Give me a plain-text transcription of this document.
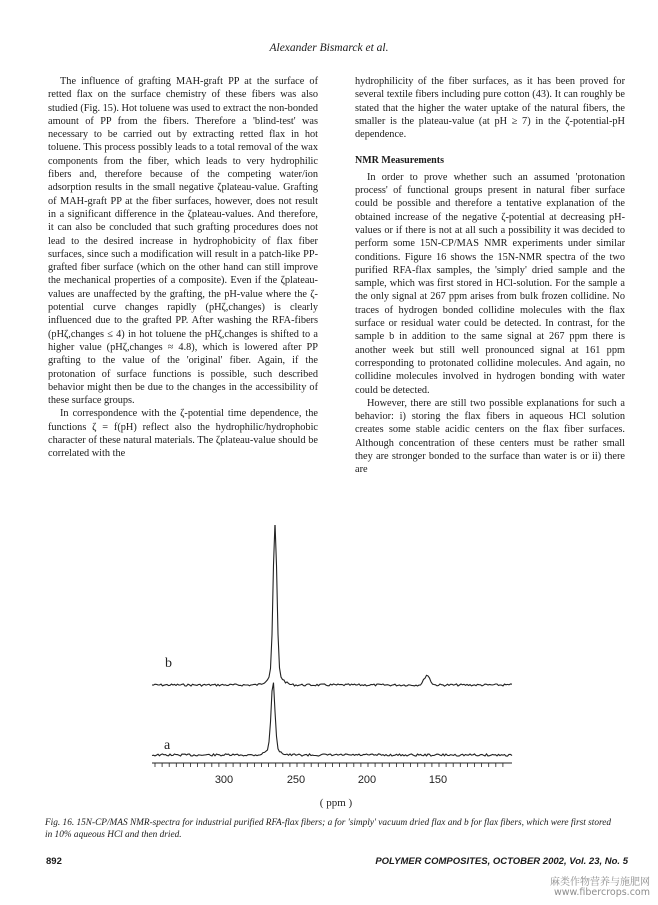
Alexander Bismarck et al.

The influence of grafting MAH-graft PP at the surface of retted flax on the surface chemistry of these fibers was also studied (Fig. 15). Hot toluene was used to extract the non-bonded amount of PP from the fibers. Therefore a 'blind-test' was necessary to be carried out by extracting retted flax in hot toluene. This process possibly leads to a total removal of the wax components from the fiber, which leads to very hydrophilic fibers and, therefore because of the competing water/ion adsorption results in the small negative ζplateau-value. Grafting of MAH-graft PP at the fiber surfaces, however, does not result in a significant difference in the ζplateau-values. And therefore, it can also be concluded that such grafting procedures does not lead to the desired increase in hydrophobicity of flax fiber surfaces, since such a modification will result in a patch-like PP-grafted fiber surface (which on the other hand can still improve the mechanical properties of a composite). Even if the ζplateau-values are unaffected by the grafting, the pH-value where the ζ-potential curve changes rapidly (pHζ,changes) is clearly influenced due to the grafted PP. After washing the RFA-fibers (pHζ,changes ≤ 4) in hot toluene the pHζ,changes is shifted to a higher value (pHζ,changes ≈ 4.8), which is lowered after PP grafting to the value of the 'original' fiber. Again, if the protonation of surface functions is possible, such described behavior might then be due to the changes in the accessibility of these surface groups.

In correspondence with the ζ-potential time dependence, the functions ζ = f(pH) reflect also the hydrophilic/hydrophobic character of these natural materials. The ζplateau-value should be correlated with the

hydrophilicity of the fiber surfaces, as it has been proved for several textile fibers including pure cotton (43). It can roughly be stated that the higher the water uptake of the natural fibers, the smaller is the plateau-value (at pH ≥ 7) in the ζ-potential-pH dependence.

NMR Measurements

In order to prove whether such an assumed 'protonation process' of functional groups present in natural fiber surface could be possible and therefore a tentative explanation of the obtained increase of the negative ζ-potential at decreasing pH-values or if there is not at all such a possibility it was decided to perform some 15N-CP/MAS NMR experiments under similar conditions. Figure 16 shows the 15N-NMR spectra of the two purified RFA-flax samples, the 'simply' dried sample and the sample, which was first stored in HCl-solution. For the sample a the only signal at 267 ppm arises from bulk frozen collidine. No traces of hydrogen bonded collidine molecules with the flax surface or residual water could be detected. In contrast, for the sample b in addition to the same signal at 267 ppm there is another week but still well pronounced signal at 161 ppm corresponding to protonated collidine molecules. And again, no collidine molecules involved in hydrogen bonding with water could be detected.

However, there are still two possible explanations for such a behavior: i) storing the flax fibers in aqueous HCl solution creates some stable acidic centers on the flax fiber surfaces. Although concentration of these centers must be rather small they are stronger bonded to the surface than water is or ii) there are

b
a
300	250	200	150
( ppm )
Fig. 16. 15N-CP/MAS NMR-spectra for industrial purified RFA-flax fibers; a for 'simply' vacuum dried flax and b for flax fibers, which were first stored in 10% aqueous HCl and then dried.
892	POLYMER COMPOSITES, OCTOBER 2002, Vol. 23, No. 5
麻类作物营养与施肥网
www.fibercrops.com
